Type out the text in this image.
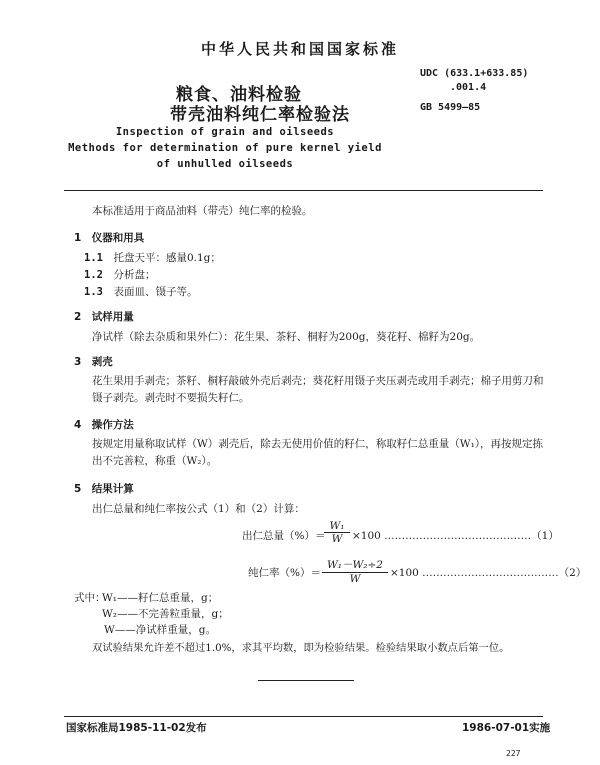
中华人民共和国国家标准
UDC (633.1+633.85)
.001.4
GB 5499—85
粮食、油料检验
带壳油料纯仁率检验法
Inspection of grain and oilseeds
Methods for determination of pure kernel yield
of unhulled oilseeds
本标准适用于商品油料（带壳）纯仁率的检验。
1　仪器和用具
1.1　 托盘天平：感量0.1g；
1.2　 分析盘；
1.3　 表面皿、镊子等。
2　试样用量
净试样（除去杂质和果外仁）：花生果、茶籽、桐籽为200g，葵花籽、棉籽为20g。
3　剥壳
花生果用手剥壳；茶籽、桐籽敲破外壳后剥壳；葵花籽用镊子夹压剥壳或用手剥壳；棉子用剪刀和镊子剥壳。剥壳时不要损失籽仁。
4　操作方法
按规定用量称取试样（W）剥壳后，除去无使用价值的籽仁，称取籽仁总重量（W₁），再按规定拣出不完善粒，称重（W₂）。
5　结果计算
出仁总量和纯仁率按公式（1）和（2）计算：
出仁总量（%）＝
$\frac{\text{W₁}}{W} \times 100$ ……………………………………（1）
纯仁率（%）＝ $\frac{\text{W₁－W₂÷2}}{W} \times 100$ …………………………………（2）
式中：
W₁——籽仁总重量，g；
W₂——不完善粒重量，g；
W——净试样重量，g。
双试验结果允许差不超过1.0%，求其平均数，即为检验结果。检验结果取小数点后第一位。
国家标准局1985-11-02发布	1986-07-01实施
227
